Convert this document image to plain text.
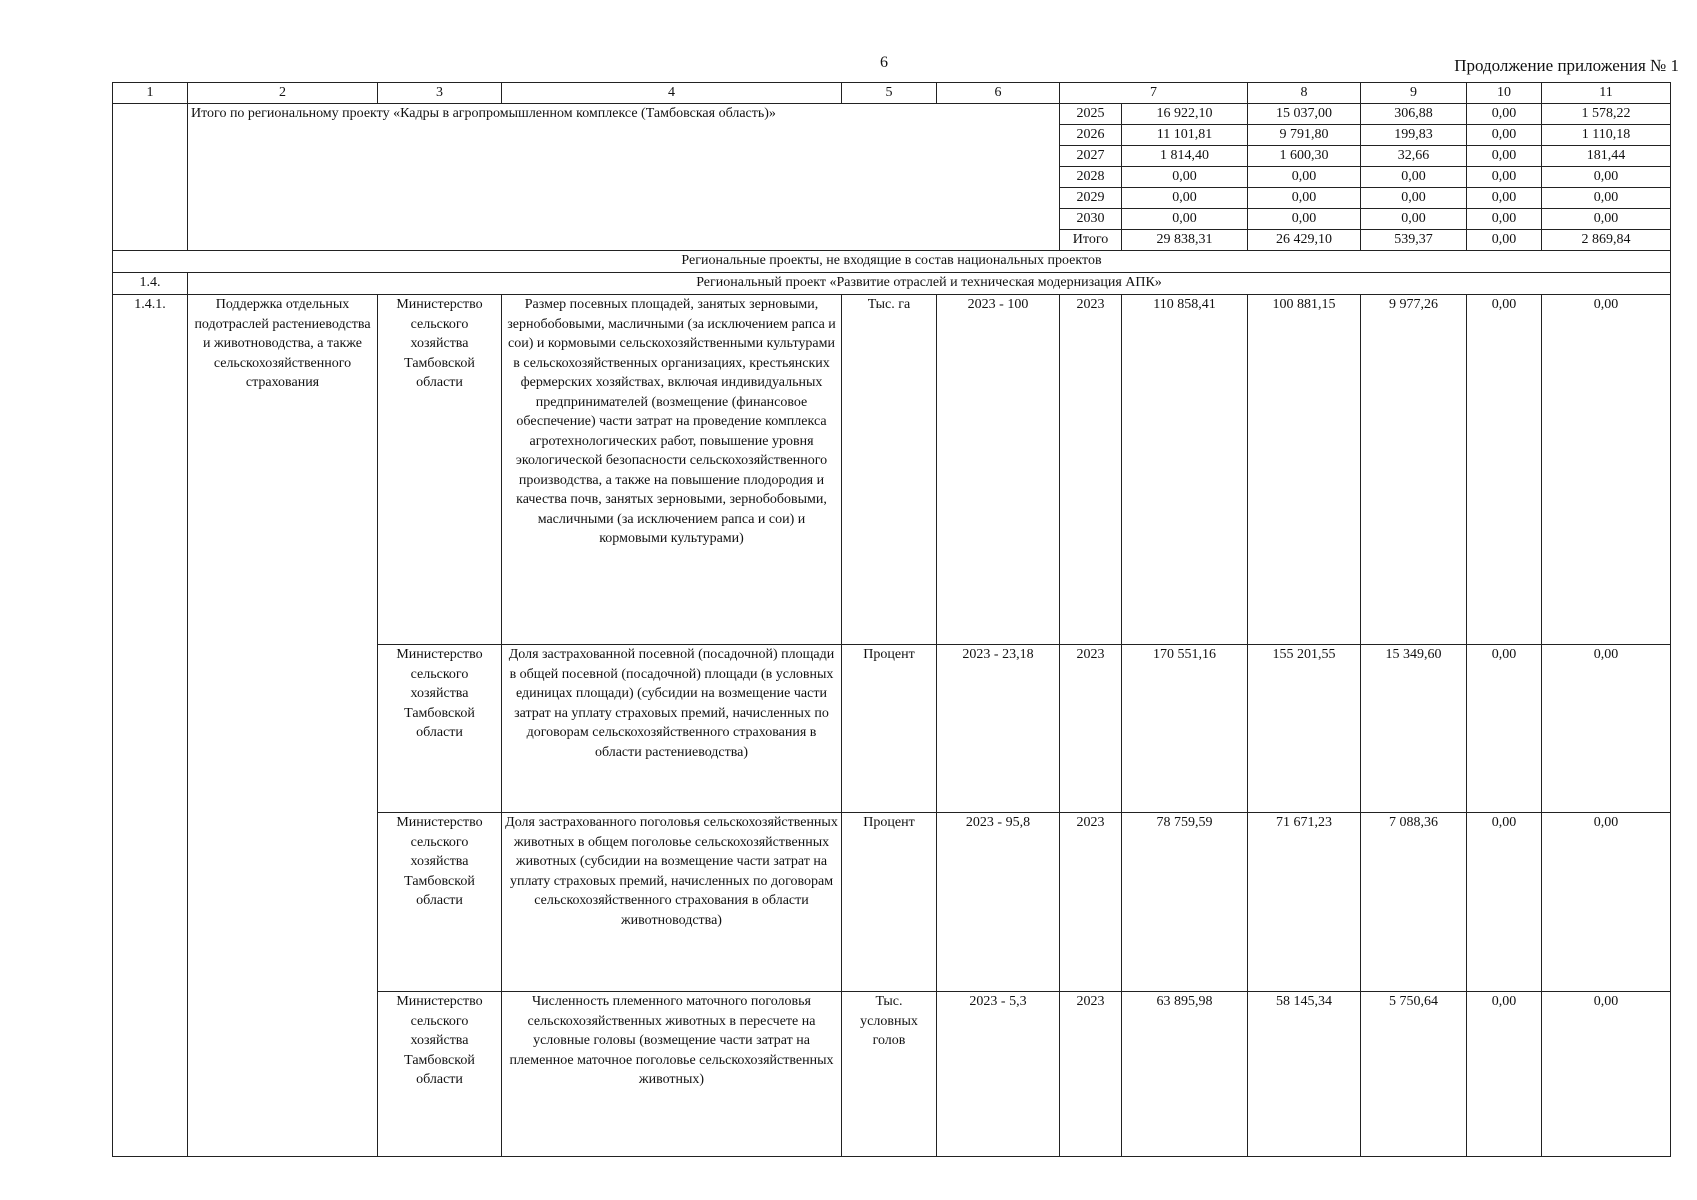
6	Продолжение приложения № 1
1	2	3	4	5	6	7		8	9	10	11
	Итого по региональному проекту «Кадры в агропромышленном комплексе (Тамбовская область)»					2025	16 922,10	15 037,00	306,88	0,00	1 578,22
						2026	11 101,81	9 791,80	199,83	0,00	1 110,18
						2027	1 814,40	1 600,30	32,66	0,00	181,44
						2028	0,00	0,00	0,00	0,00	0,00
						2029	0,00	0,00	0,00	0,00	0,00
						2030	0,00	0,00	0,00	0,00	0,00
						Итого	29 838,31	26 429,10	539,37	0,00	2 869,84
Региональные проекты, не входящие в состав национальных проектов											
1.4.	Региональный проект «Развитие отраслей и техническая модернизация АПК»										
1.4.1.	Поддержка отдельных подотраслей растениеводства и животноводства, а также сельскохозяйственного страхования	Министерство сельского хозяйства Тамбовской области	Размер посевных площадей, занятых зерновыми, зернобобовыми, масличными (за исключением рапса и сои) и кормовыми сельскохозяйственными культурами в сельскохозяйственных организациях, крестьянских фермерских хозяйствах, включая индивидуальных предпринимателей (возмещение (финансовое обеспечение) части затрат на проведение комплекса агротехнологических работ, повышение уровня экологической безопасности сельскохозяйственного производства, а также на повышение плодородия и качества почв, занятых зерновыми, зернобобовыми, масличными (за исключением рапса и сои) и кормовыми культурами)	Тыс. га	2023 - 100	2023	110 858,41	100 881,15	9 977,26	0,00	0,00
		Министерство сельского хозяйства Тамбовской области	Доля застрахованной посевной (посадочной) площади в общей посевной (посадочной) площади (в условных единицах площади) (субсидии на возмещение части затрат на уплату страховых премий, начисленных по договорам сельскохозяйственного страхования в области растениеводства)	Процент	2023 - 23,18	2023	170 551,16	155 201,55	15 349,60	0,00	0,00
		Министерство сельского хозяйства Тамбовской области	Доля застрахованного поголовья сельскохозяйственных животных в общем поголовье сельскохозяйственных животных (субсидии на возмещение части затрат на уплату страховых премий, начисленных по договорам сельскохозяйственного страхования в области животноводства)	Процент	2023 - 95,8	2023	78 759,59	71 671,23	7 088,36	0,00	0,00
		Министерство сельского хозяйства Тамбовской области	Численность племенного маточного поголовья сельскохозяйственных животных в пересчете на условные головы (возмещение части затрат на племенное маточное поголовье сельскохозяйственных животных)	Тыс. условных голов	2023 - 5,3	2023	63 895,98	58 145,34	5 750,64	0,00	0,00
